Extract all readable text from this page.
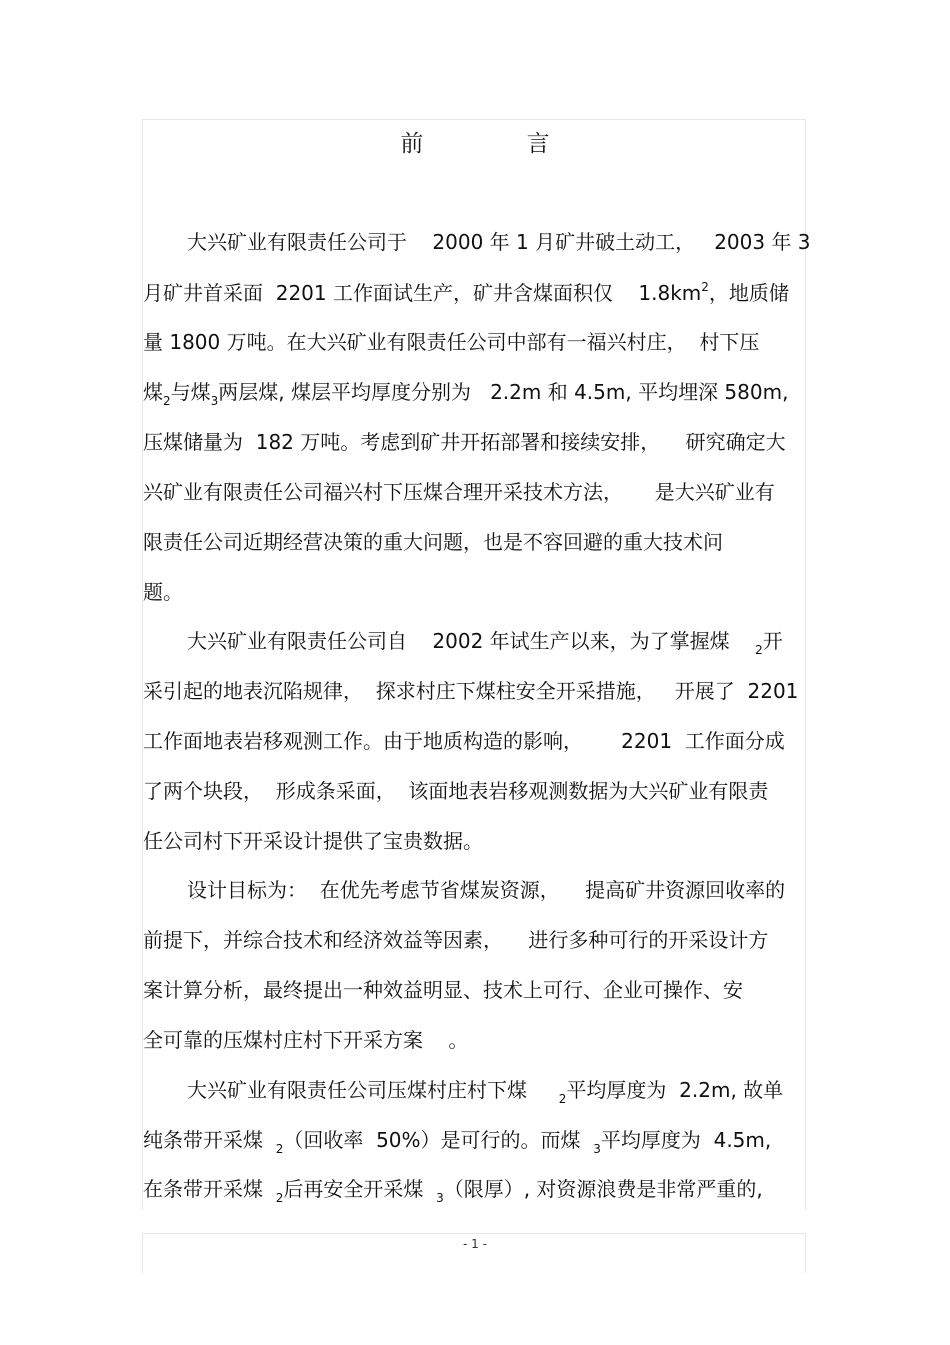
前 言
大兴矿业有限责任公司于    2000 年 1 月矿井破土动工，   2003 年 3
月矿井首采面  2201 工作面试生产，矿井含煤面积仅    $1.8km^2$，地质储
量 1800 万吨。在大兴矿业有限责任公司中部有一福兴村庄，  村下压
煤$_2$与煤$_3$两层煤, 煤层平均厚度分别为   2.2m 和 4.5m, 平均埋深 580m,
压煤储量为  182 万吨。考虑到矿井开拓部署和接续安排，    研究确定大
兴矿业有限责任公司福兴村下压煤合理开采技术方法，     是大兴矿业有
限责任公司近期经营决策的重大问题，也是不容回避的重大技术问
题。
大兴矿业有限责任公司自    2002 年试生产以来，为了掌握煤 $_2$开
采引起的地表沉陷规律，  探求村庄下煤柱安全开采措施，   开展了  2201
工作面地表岩移观测工作。由于地质构造的影响，      2201  工作面分成
了两个块段，  形成条采面，  该面地表岩移观测数据为大兴矿业有限责
任公司村下开采设计提供了宝贵数据。
设计目标为：  在优先考虑节省煤炭资源，    提高矿井资源回收率的
前提下，并综合技术和经济效益等因素，    进行多种可行的开采设计方
案计算分析，最终提出一种效益明显、技术上可行、企业可操作、安
全可靠的压煤村庄村下开采方案    。
大兴矿业有限责任公司压煤村庄村下煤	$_2$平均厚度为  2.2m, 故单
纯条带开采煤 $_2$（回收率  50%）是可行的。而煤 $_3$平均厚度为  4.5m,
在条带开采煤 $_2$后再安全开采煤 $_3$（限厚）, 对资源浪费是非常严重的,
- 1 -
